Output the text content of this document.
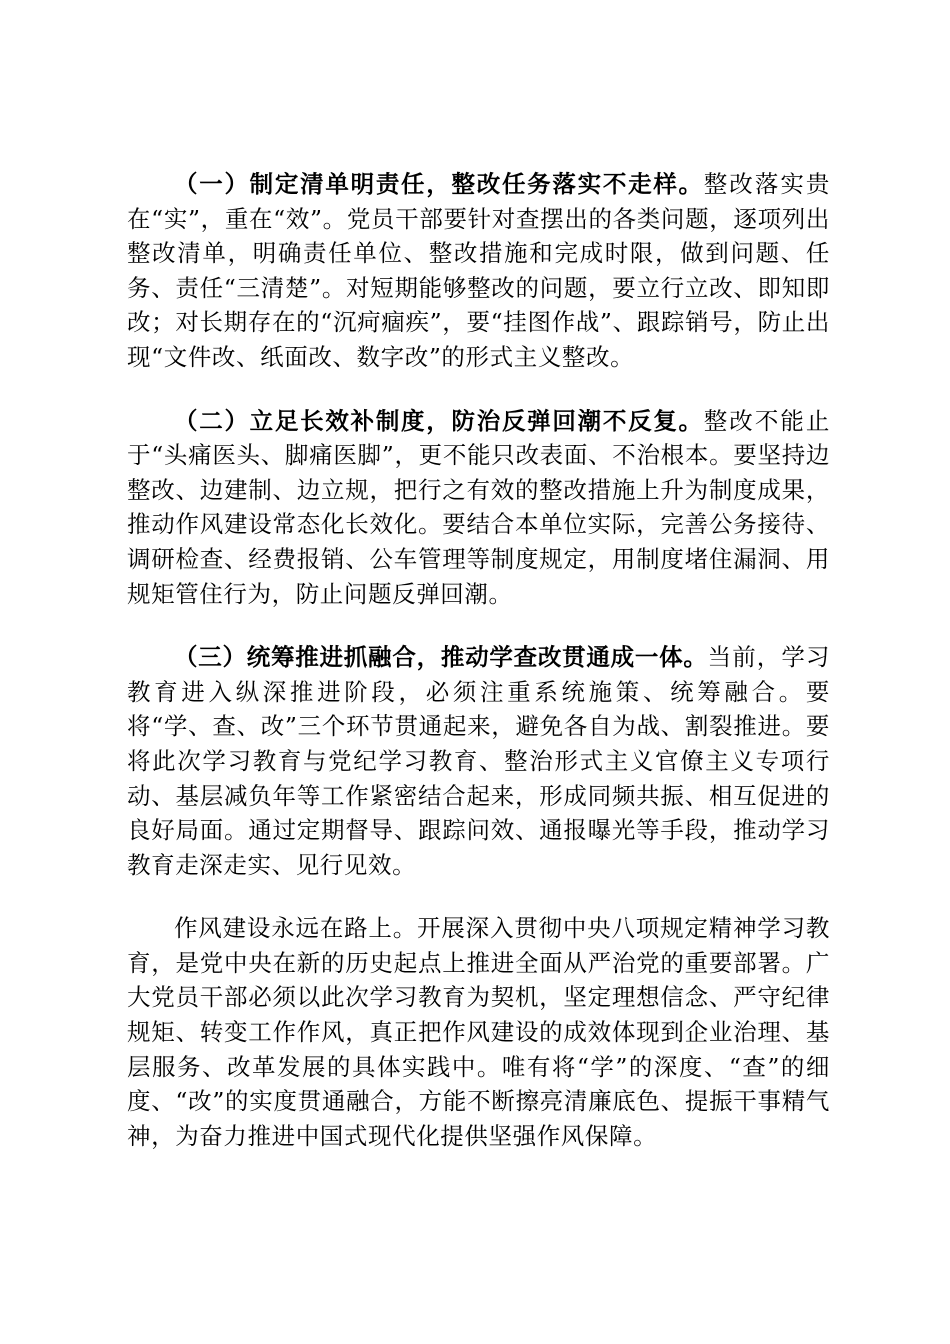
（一）制定清单明责任，整改任务落实不走样。整改落实贵在“实”，重在“效”。党员干部要针对查摆出的各类问题，逐项列出整改清单，明确责任单位、整改措施和完成时限，做到问题、任务、责任“三清楚”。对短期能够整改的问题，要立行立改、即知即改；对长期存在的“沉疴痼疾”，要“挂图作战”、跟踪销号，防止出现“文件改、纸面改、数字改”的形式主义整改。

（二）立足长效补制度，防治反弹回潮不反复。整改不能止于“头痛医头、脚痛医脚”，更不能只改表面、不治根本。要坚持边整改、边建制、边立规，把行之有效的整改措施上升为制度成果，推动作风建设常态化长效化。要结合本单位实际，完善公务接待、调研检查、经费报销、公车管理等制度规定，用制度堵住漏洞、用规矩管住行为，防止问题反弹回潮。

（三）统筹推进抓融合，推动学查改贯通成一体。当前，学习教育进入纵深推进阶段，必须注重系统施策、统筹融合。要将“学、查、改”三个环节贯通起来，避免各自为战、割裂推进。要将此次学习教育与党纪学习教育、整治形式主义官僚主义专项行动、基层减负年等工作紧密结合起来，形成同频共振、相互促进的良好局面。通过定期督导、跟踪问效、通报曝光等手段，推动学习教育走深走实、见行见效。

作风建设永远在路上。开展深入贯彻中央八项规定精神学习教育，是党中央在新的历史起点上推进全面从严治党的重要部署。广大党员干部必须以此次学习教育为契机，坚定理想信念、严守纪律规矩、转变工作作风，真正把作风建设的成效体现到企业治理、基层服务、改革发展的具体实践中。唯有将“学”的深度、“查”的细度、“改”的实度贯通融合，方能不断擦亮清廉底色、提振干事精气神，为奋力推进中国式现代化提供坚强作风保障。
